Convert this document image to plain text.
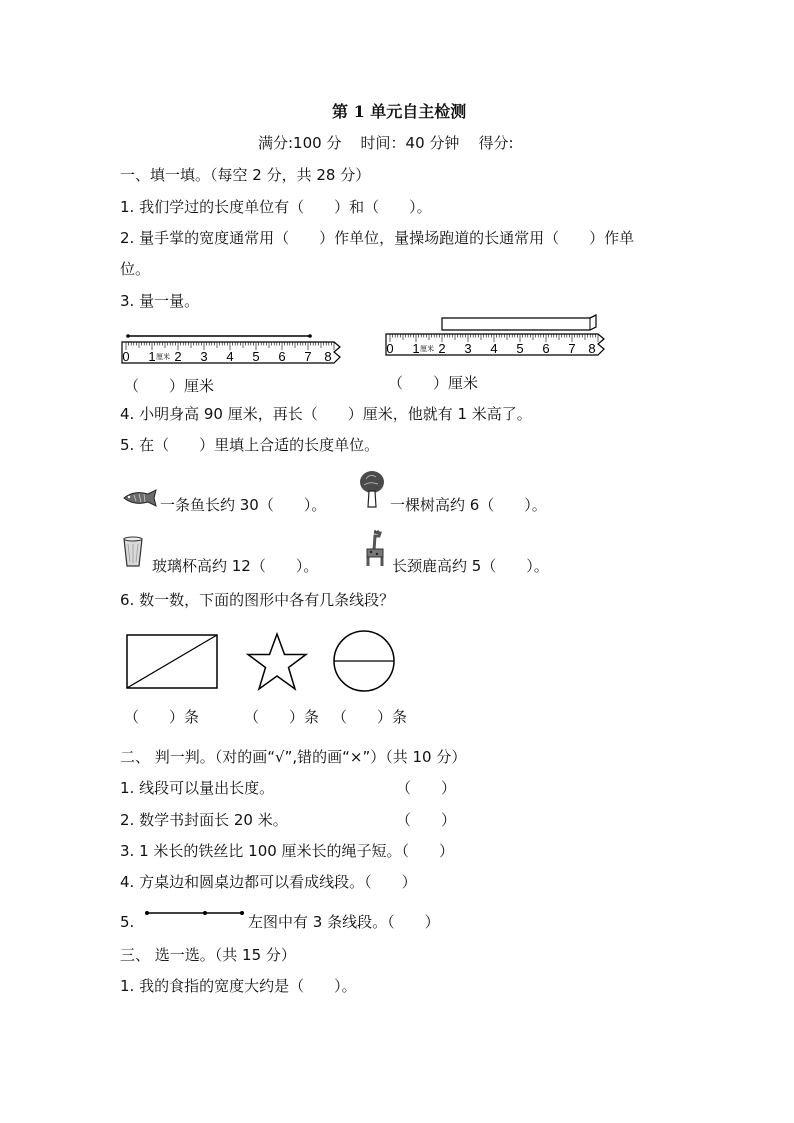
第 1 单元自主检测
满分:100 分    时间：40 分钟    得分:
一、填一填。（每空 2 分，共 28 分）
1. 我们学过的长度单位有（　　）和（　　）。
2. 量手掌的宽度通常用（　　）作单位，量操场跑道的长通常用（　　）作单
位。
3. 量一量。
0 1 厘米 2 3 4 5 6 7 8
0 1 厘米 2 3 4 5 6 7 8
（　　）厘米	（　　）厘米
4. 小明身高 90 厘米，再长（　　）厘米，他就有 1 米高了。
5. 在（　　）里填上合适的长度单位。
一条鱼长约 30（　　）。	一棵树高约 6（　　）。
玻璃杯高约 12（　　）。	长颈鹿高约 5（　　）。
6. 数一数，下面的图形中各有几条线段？
（　　）条	（　　）条 （　　）条
二、 判一判。（对的画“√”,错的画“×”）（共 10 分）
1. 线段可以量出长度。	（　　）
2. 数学书封面长 20 米。	（　　）
3. 1 米长的铁丝比 100 厘米长的绳子短。（　　）
4. 方桌边和圆桌边都可以看成线段。（　　）
5.	左图中有 3 条线段。（　　）
三、 选一选。（共 15 分）
1. 我的食指的宽度大约是（　　）。
